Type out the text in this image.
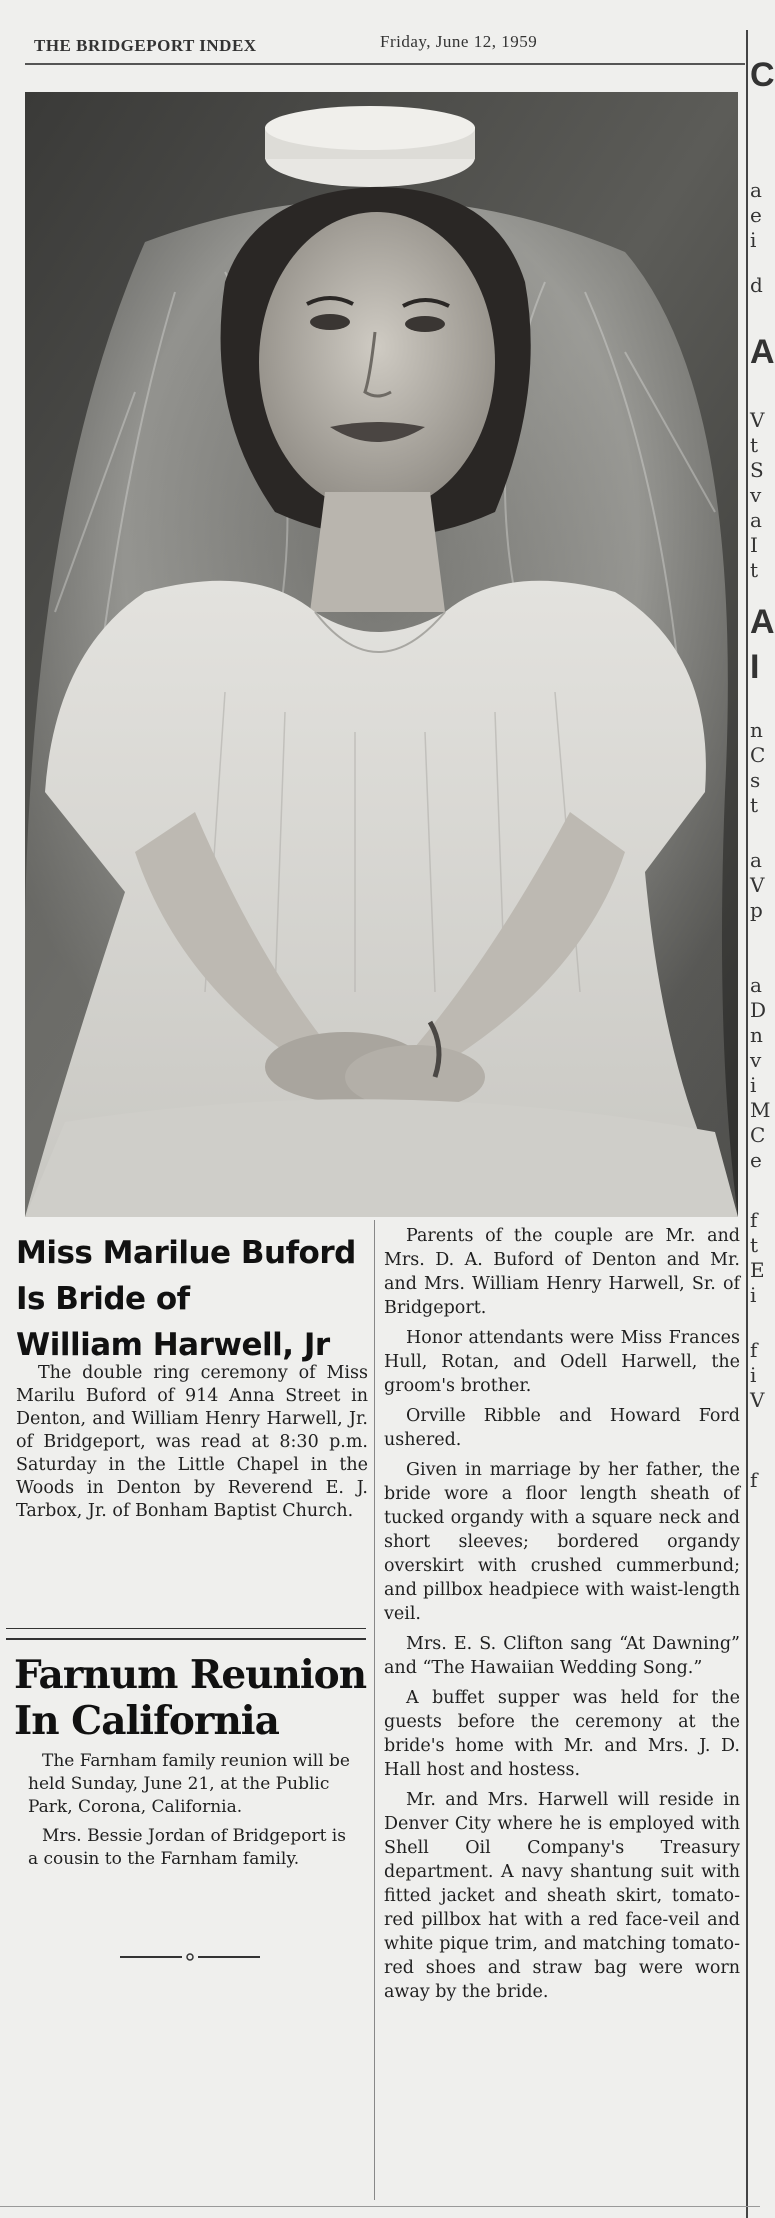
THE BRIDGEPORT INDEX	Friday, June 12, 1959
C
a
e
i
d
A
V
t
S
v
a
I
t
A
I
n
C
s
t
a
V
p
a
D
n
v
i
M
C
e
f
t
E
i
f
i
V
f
Miss Marilue Buford
Is Bride of
William Harwell, Jr
The double ring ceremony of Miss Marilu Buford of 914 Anna Street in Denton, and William Henry Harwell, Jr. of Bridgeport, was read at 8:30 p.m. Saturday in the Little Chapel in the Woods in Denton by Reverend E. J. Tarbox, Jr. of Bonham Baptist Church.
Farnum Reunion
In California

The Farnham family reunion will be held Sunday, June 21, at the Public Park, Corona, California.

Mrs. Bessie Jordan of Bridgeport is a cousin to the Farnham family.

Parents of the couple are Mr. and Mrs. D. A. Buford of Denton and Mr. and Mrs. William Henry Harwell, Sr. of Bridgeport.

Honor attendants were Miss Frances Hull, Rotan, and Odell Harwell, the groom's brother.

Orville Ribble and Howard Ford ushered.

Given in marriage by her father, the bride wore a floor length sheath of tucked organdy with a square neck and short sleeves; bordered organdy overskirt with crushed cummerbund; and pillbox headpiece with waist-length veil.

Mrs. E. S. Clifton sang “At Dawning” and “The Hawaiian Wedding Song.”

A buffet supper was held for the guests before the ceremony at the bride's home with Mr. and Mrs. J. D. Hall host and hostess.

Mr. and Mrs. Harwell will reside in Denver City where he is employed with Shell Oil Company's Treasury department. A navy shantung suit with fitted jacket and sheath skirt, tomato-red pillbox hat with a red face-veil and white pique trim, and matching tomato-red shoes and straw bag were worn away by the bride.
